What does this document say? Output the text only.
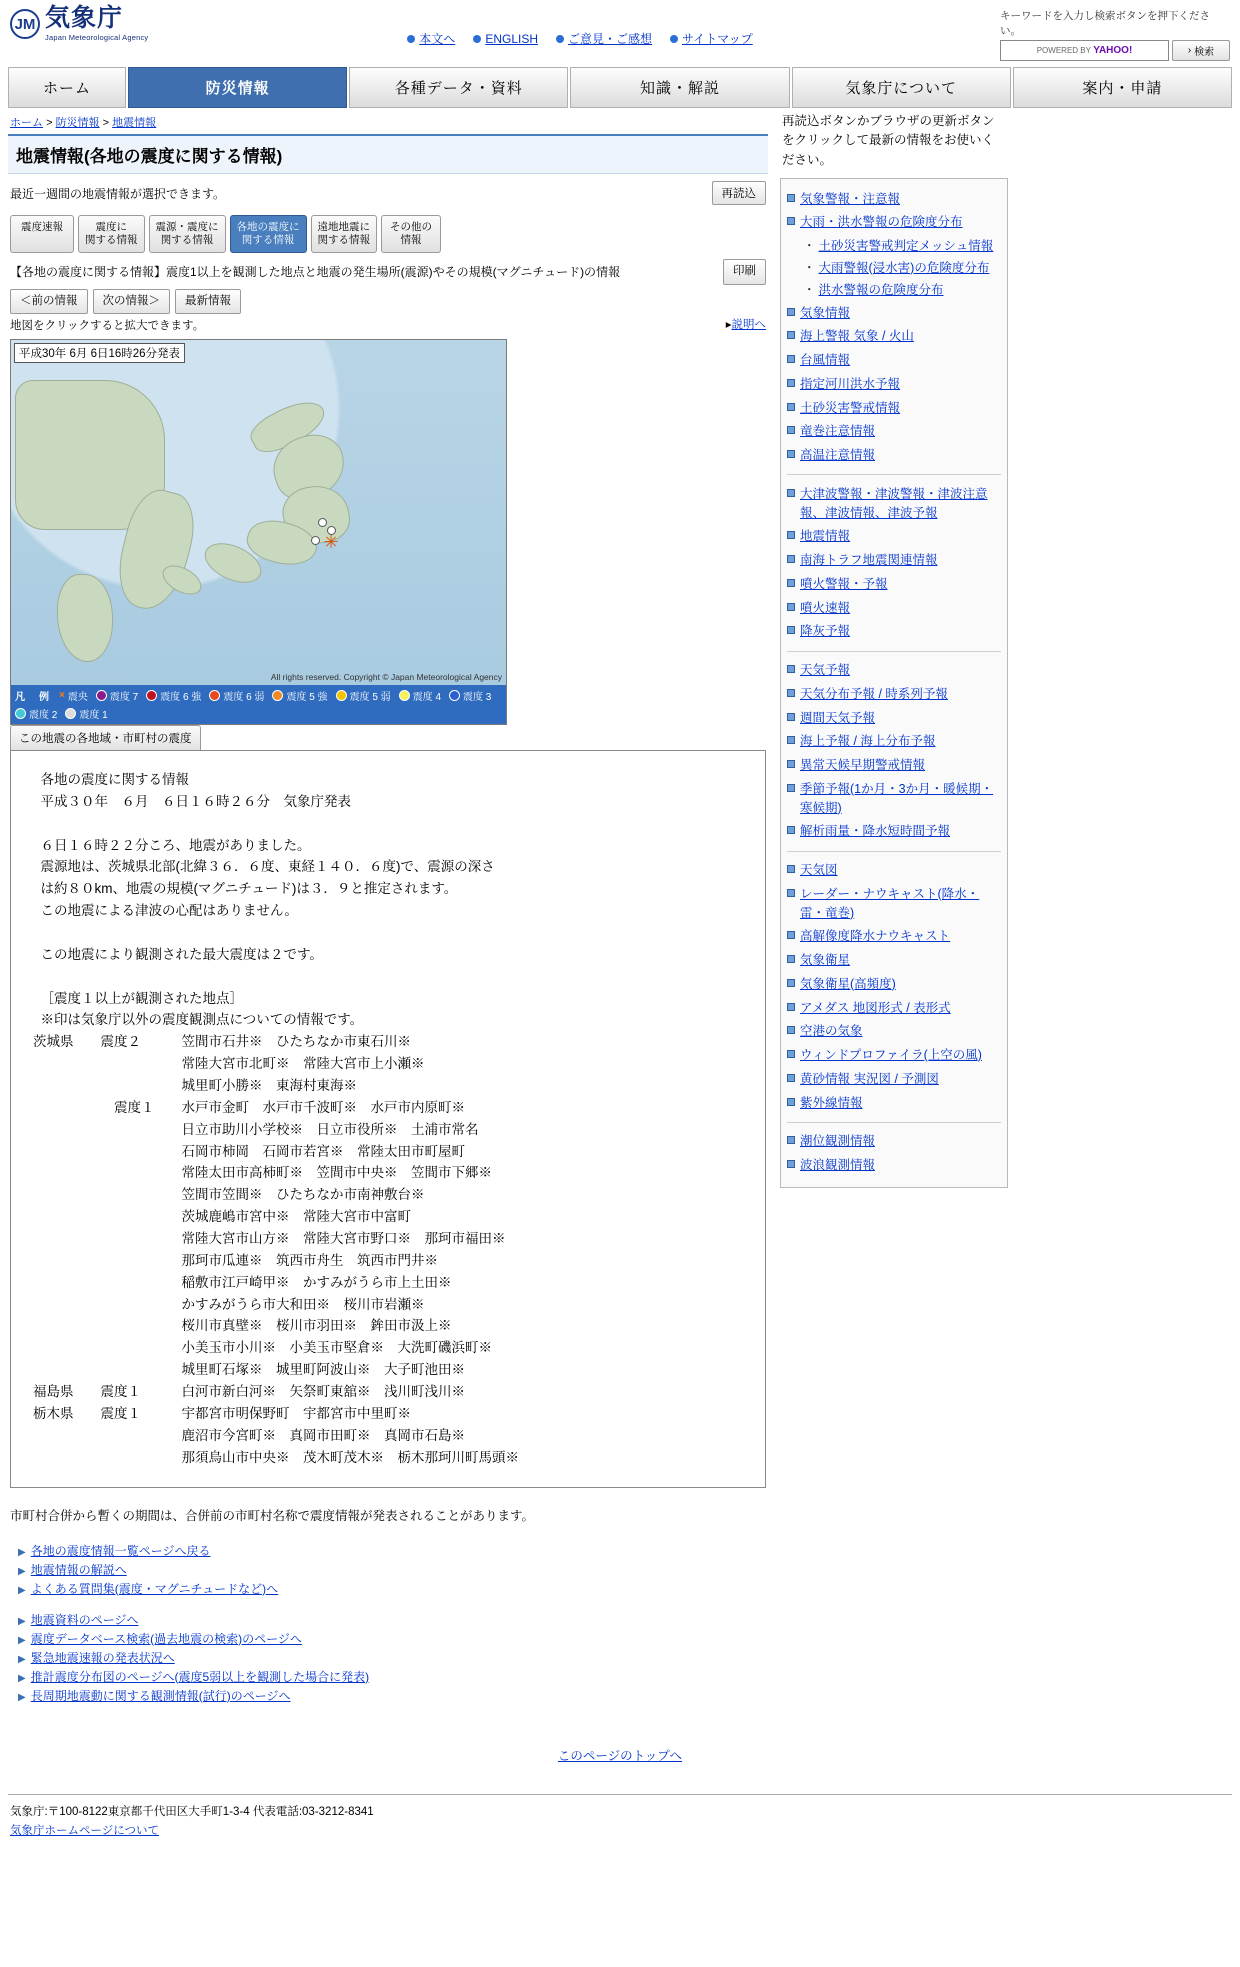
JM 気象庁
Japan Meteorological Agency	本文へ	ENGLISH	ご意見・ご感想	サイトマップ
キーワードを入力し検索ボタンを押下ください。
POWERED BY
YAHOO!	› 検索
ホーム	防災情報	各種データ・資料	知識・解説	気象庁について	案内・申請
ホーム > 防災情報 > 地震情報
地震情報(各地の震度に関する情報)
最近一週間の地震情報が選択できます。	再読込
震度速報	震度に
関する情報
震源・震度に
関する情報
各地の震度に
関する情報
遠地地震に
関する情報
その他の
情報
【各地の震度に関する情報】震度1以上を観測した地点と地震の発生場所(震源)やその規模(マグニチュード)の情報	印刷
＜前の情報	次の情報＞	最新情報
地図をクリックすると拡大できます。	▸説明へ
平成30年 6月 6日16時26分発表
✳
All rights reserved. Copyright © Japan Meteorological Agency
凡　例 × 震央 震度 7 震度 6 強 震度 6 弱 震度 5 強 震度 5 弱 震度 4 震度 3
震度 2 震度 1
この地震の各地域・市町村の震度
各地の震度に関する情報
平成３０年　６月　６日１６時２６分　気象庁発表

６日１６時２２分ころ、地震がありました。
震源地は、茨城県北部(北緯３６．６度、東経１４０．６度)で、震源の深さ
は約８０km、地震の規模(マグニチュード)は３．９と推定されます。
この地震による津波の心配はありません。

この地震により観測された最大震度は２です。

［震度１以上が観測された地点］
※印は気象庁以外の震度観測点についての情報です。
茨城県　　震度２　　　笠間市石井※　ひたちなか市東石川※
　　　　　　　　　　　常陸大宮市北町※　常陸大宮市上小瀬※
　　　　　　　　　　　城里町小勝※　東海村東海※
　　　　　　震度１　　水戸市金町　水戸市千波町※　水戸市内原町※
　　　　　　　　　　　日立市助川小学校※　日立市役所※　土浦市常名
　　　　　　　　　　　石岡市柿岡　石岡市若宮※　常陸太田市町屋町
　　　　　　　　　　　常陸太田市高柿町※　笠間市中央※　笠間市下郷※
　　　　　　　　　　　笠間市笠間※　ひたちなか市南神敷台※
　　　　　　　　　　　茨城鹿嶋市宮中※　常陸大宮市中富町
　　　　　　　　　　　常陸大宮市山方※　常陸大宮市野口※　那珂市福田※
　　　　　　　　　　　那珂市瓜連※　筑西市舟生　筑西市門井※
　　　　　　　　　　　稲敷市江戸崎甲※　かすみがうら市上土田※
　　　　　　　　　　　かすみがうら市大和田※　桜川市岩瀬※
　　　　　　　　　　　桜川市真壁※　桜川市羽田※　鉾田市汲上※
　　　　　　　　　　　小美玉市小川※　小美玉市堅倉※　大洗町磯浜町※
　　　　　　　　　　　城里町石塚※　城里町阿波山※　大子町池田※
福島県　　震度１　　　白河市新白河※　矢祭町東舘※　浅川町浅川※
栃木県　　震度１　　　宇都宮市明保野町　宇都宮市中里町※
　　　　　　　　　　　鹿沼市今宮町※　真岡市田町※　真岡市石島※
　　　　　　　　　　　那須烏山市中央※　茂木町茂木※　栃木那珂川町馬頭※
市町村合併から暫くの期間は、合併前の市町村名称で震度情報が発表されることがあります。
▶ 各地の震度情報一覧ページへ戻る
▶ 地震情報の解説へ
▶ よくある質問集(震度・マグニチュードなど)へ
▶ 地震資料のページへ
▶ 震度データベース検索(過去地震の検索)のページへ
▶ 緊急地震速報の発表状況へ
▶ 推計震度分布図のページへ(震度5弱以上を観測した場合に発表)
▶ 長周期地震動に関する観測情報(試行)のページへ
再読込ボタンかブラウザの更新ボタンをクリックして最新の情報をお使いください。
気象警報・注意報
大雨・洪水警報の危険度分布
・ 土砂災害警戒判定メッシュ情報
・ 大雨警報(浸水害)の危険度分布
・ 洪水警報の危険度分布
気象情報
海上警報 気象 / 火山
台風情報
指定河川洪水予報
土砂災害警戒情報
竜巻注意情報
高温注意情報
大津波警報・津波警報・津波注意報、津波情報、津波予報
地震情報
南海トラフ地震関連情報
噴火警報・予報
噴火速報
降灰予報
天気予報
天気分布予報 / 時系列予報
週間天気予報
海上予報 / 海上分布予報
異常天候早期警戒情報
季節予報(1か月・3か月・暖候期・寒候期)
解析雨量・降水短時間予報
天気図
レーダー・ナウキャスト(降水・雷・竜巻)
高解像度降水ナウキャスト
気象衛星
気象衛星(高頻度)
アメダス 地図形式 / 表形式
空港の気象
ウィンドプロファイラ(上空の風)
黄砂情報 実況図 / 予測図
紫外線情報
潮位観測情報
波浪観測情報
このページのトップへ
気象庁:〒100-8122東京都千代田区大手町1-3-4 代表電話:03-3212-8341
気象庁ホームページについて
